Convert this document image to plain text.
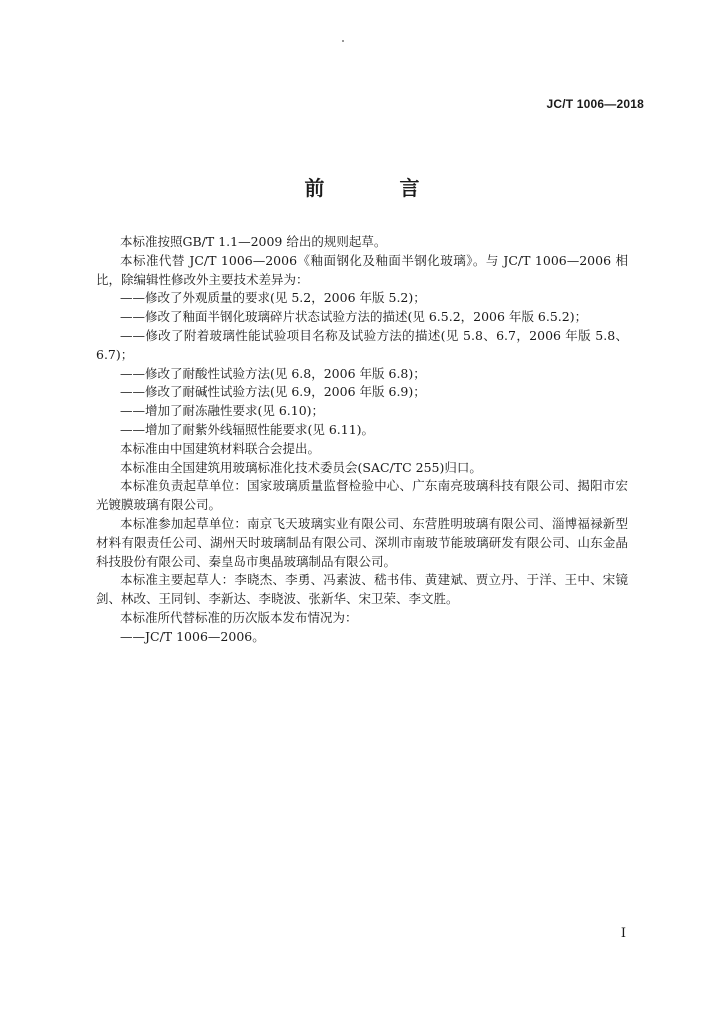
JC/T 1006—2018
前 言

本标准按照GB/T 1.1—2009 给出的规则起草。

本标准代替 JC/T 1006—2006《釉面钢化及釉面半钢化玻璃》。与 JC/T 1006—2006 相比，除编辑性修改外主要技术差异为：

——修改了外观质量的要求(见 5.2，2006 年版 5.2)；

——修改了釉面半钢化玻璃碎片状态试验方法的描述(见 6.5.2，2006 年版 6.5.2)；

——修改了附着玻璃性能试验项目名称及试验方法的描述(见 5.8、6.7，2006 年版 5.8、6.7)；

——修改了耐酸性试验方法(见 6.8，2006 年版 6.8)；

——修改了耐碱性试验方法(见 6.9，2006 年版 6.9)；

——增加了耐冻融性要求(见 6.10)；

——增加了耐紫外线辐照性能要求(见 6.11)。

本标准由中国建筑材料联合会提出。

本标准由全国建筑用玻璃标准化技术委员会(SAC/TC 255)归口。

本标准负责起草单位：国家玻璃质量监督检验中心、广东南亮玻璃科技有限公司、揭阳市宏光镀膜玻璃有限公司。

本标准参加起草单位：南京飞天玻璃实业有限公司、东营胜明玻璃有限公司、淄博福禄新型材料有限责任公司、湖州天时玻璃制品有限公司、深圳市南玻节能玻璃研发有限公司、山东金晶科技股份有限公司、秦皇岛市奥晶玻璃制品有限公司。

本标准主要起草人：李晓杰、李勇、冯素波、嵇书伟、黄建斌、贾立丹、于洋、王中、宋镜剑、林改、王同钊、李新达、李晓波、张新华、宋卫荣、李文胜。

本标准所代替标准的历次版本发布情况为：

——JC/T 1006—2006。

I
